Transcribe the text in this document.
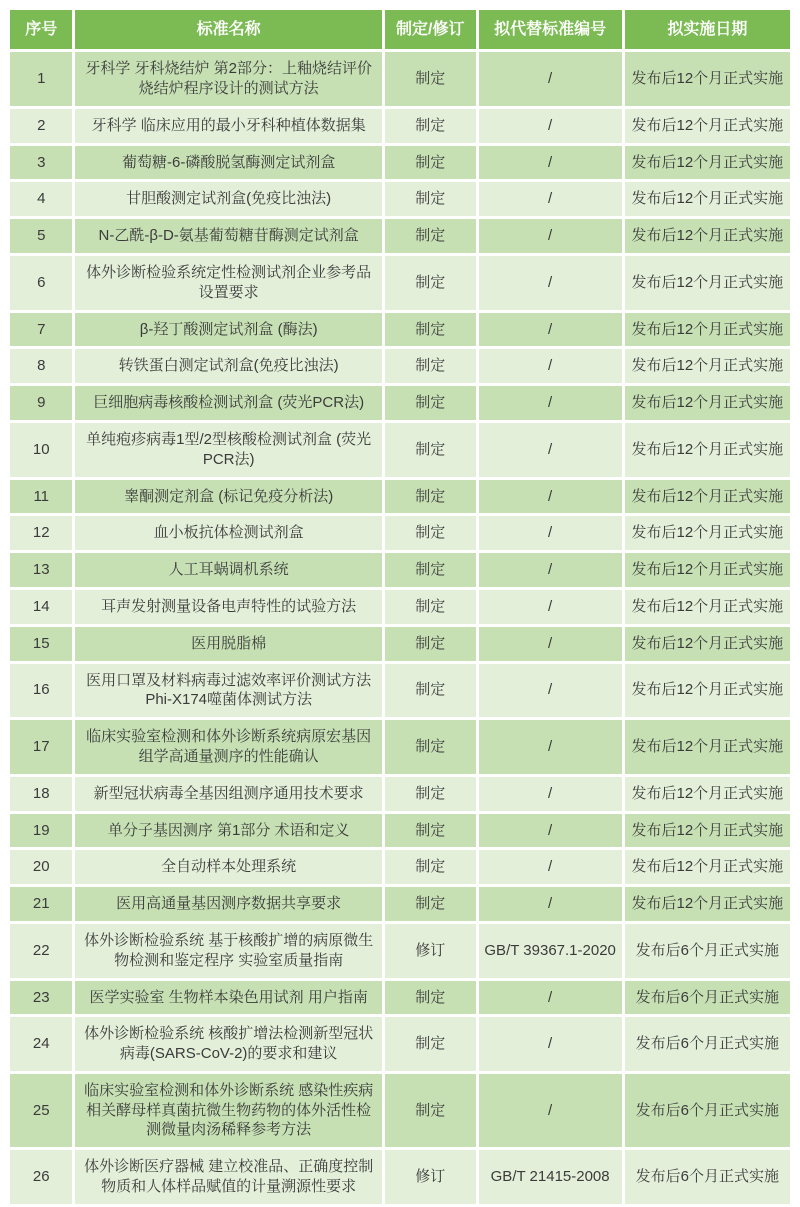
序号	标准名称	制定/修订	拟代替标准编号	拟实施日期
1	牙科学 牙科烧结炉 第2部分：上釉烧结评价烧结炉程序设计的测试方法	制定	/	发布后12个月正式实施
2	牙科学 临床应用的最小牙科种植体数据集	制定	/	发布后12个月正式实施
3	葡萄糖-6-磷酸脱氢酶测定试剂盒	制定	/	发布后12个月正式实施
4	甘胆酸测定试剂盒(免疫比浊法)	制定	/	发布后12个月正式实施
5	N-乙酰-β-D-氨基葡萄糖苷酶测定试剂盒	制定	/	发布后12个月正式实施
6	体外诊断检验系统定性检测试剂企业参考品设置要求	制定	/	发布后12个月正式实施
7	β-羟丁酸测定试剂盒 (酶法)	制定	/	发布后12个月正式实施
8	转铁蛋白测定试剂盒(免疫比浊法)	制定	/	发布后12个月正式实施
9	巨细胞病毒核酸检测试剂盒 (荧光PCR法)	制定	/	发布后12个月正式实施
10	单纯疱疹病毒1型/2型核酸检测试剂盒 (荧光PCR法)	制定	/	发布后12个月正式实施
11	睾酮测定剂盒 (标记免疫分析法)	制定	/	发布后12个月正式实施
12	血小板抗体检测试剂盒	制定	/	发布后12个月正式实施
13	人工耳蜗调机系统	制定	/	发布后12个月正式实施
14	耳声发射测量设备电声特性的试验方法	制定	/	发布后12个月正式实施
15	医用脱脂棉	制定	/	发布后12个月正式实施
16	医用口罩及材料病毒过滤效率评价测试方法 Phi-X174噬菌体测试方法	制定	/	发布后12个月正式实施
17	临床实验室检测和体外诊断系统病原宏基因组学高通量测序的性能确认	制定	/	发布后12个月正式实施
18	新型冠状病毒全基因组测序通用技术要求	制定	/	发布后12个月正式实施
19	单分子基因测序 第1部分 术语和定义	制定	/	发布后12个月正式实施
20	全自动样本处理系统	制定	/	发布后12个月正式实施
21	医用高通量基因测序数据共享要求	制定	/	发布后12个月正式实施
22	体外诊断检验系统 基于核酸扩增的病原微生物检测和鉴定程序 实验室质量指南	修订	GB/T 39367.1-2020	发布后6个月正式实施
23	医学实验室 生物样本染色用试剂 用户指南	制定	/	发布后6个月正式实施
24	体外诊断检验系统 核酸扩增法检测新型冠状病毒(SARS-CoV-2)的要求和建议	制定	/	发布后6个月正式实施
25	临床实验室检测和体外诊断系统 感染性疾病相关酵母样真菌抗微生物药物的体外活性检测微量肉汤稀释参考方法	制定	/	发布后6个月正式实施
26	体外诊断医疗器械 建立校准品、正确度控制物质和人体样品赋值的计量溯源性要求	修订	GB/T 21415-2008	发布后6个月正式实施
